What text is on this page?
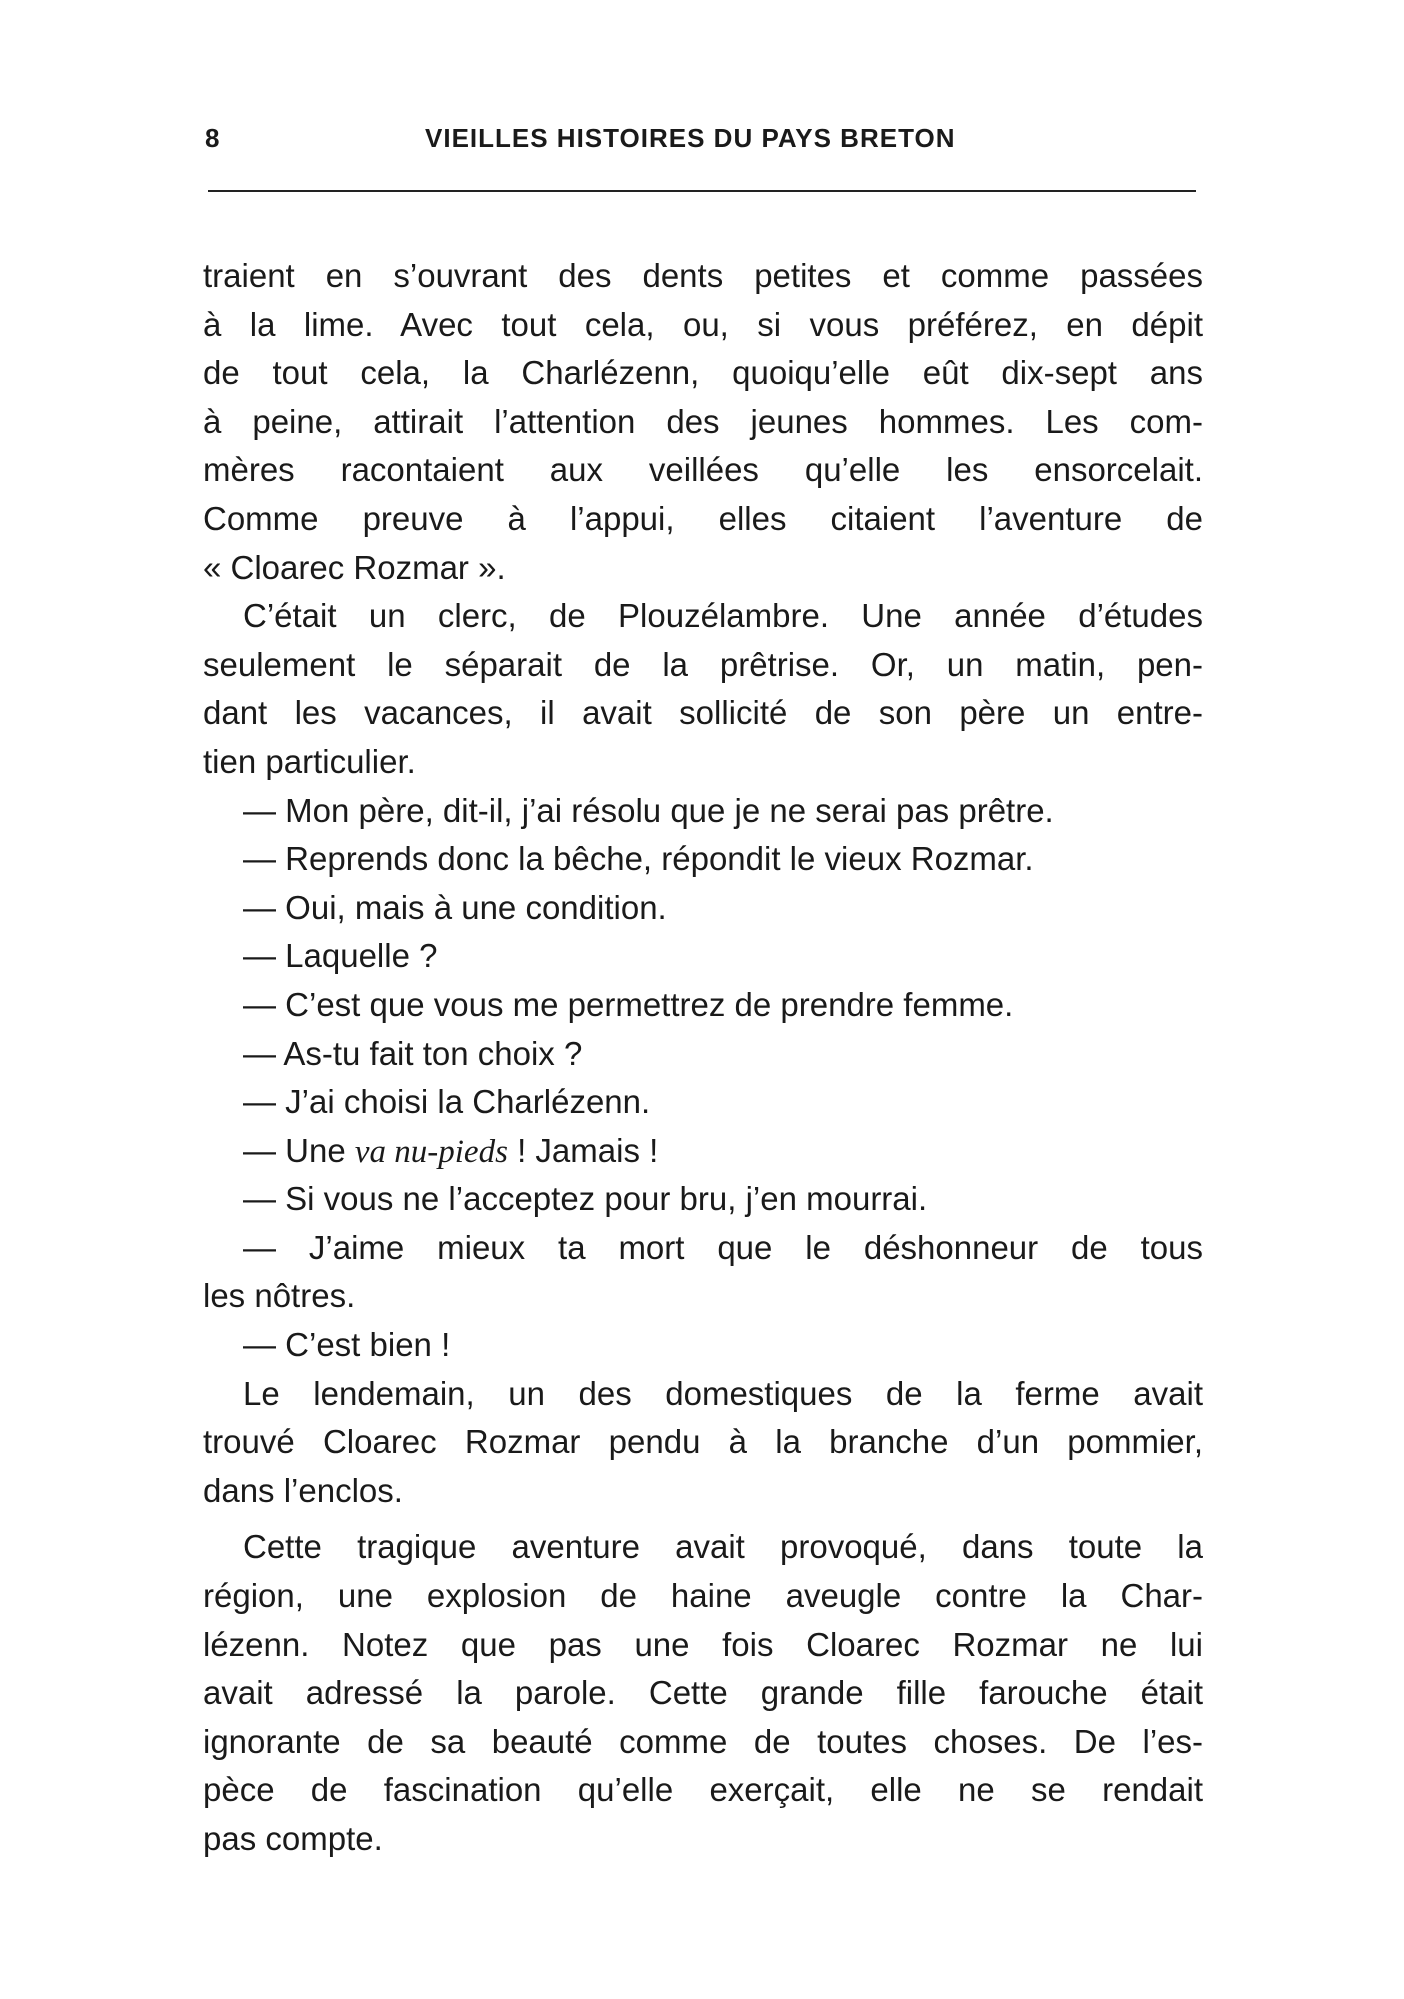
8	VIEILLES HISTOIRES DU PAYS BRETON
traient en s’ouvrant des dents petites et comme passées
à la lime. Avec tout cela, ou, si vous préférez, en dépit
de tout cela, la Charlézenn, quoiqu’elle eût dix-sept ans
à peine, attirait l’attention des jeunes hommes. Les com-
mères racontaient aux veillées qu’elle les ensorcelait.
Comme preuve à l’appui, elles citaient l’aventure de
« Cloarec Rozmar ».
C’était un clerc, de Plouzélambre. Une année d’études
seulement le séparait de la prêtrise. Or, un matin, pen-
dant les vacances, il avait sollicité de son père un entre-
tien particulier.
— Mon père, dit-il, j’ai résolu que je ne serai pas prêtre.
— Reprends donc la bêche, répondit le vieux Rozmar.
— Oui, mais à une condition.
— Laquelle ?
— C’est que vous me permettrez de prendre femme.
— As-tu fait ton choix ?
— J’ai choisi la Charlézenn.
— Une va nu-pieds ! Jamais !
— Si vous ne l’acceptez pour bru, j’en mourrai.
— J’aime mieux ta mort que le déshonneur de tous
les nôtres.
— C’est bien !
Le lendemain, un des domestiques de la ferme avait
trouvé Cloarec Rozmar pendu à la branche d’un pommier,
dans l’enclos.
Cette tragique aventure avait provoqué, dans toute la
région, une explosion de haine aveugle contre la Char-
lézenn. Notez que pas une fois Cloarec Rozmar ne lui
avait adressé la parole. Cette grande fille farouche était
ignorante de sa beauté comme de toutes choses. De l’es-
pèce de fascination qu’elle exerçait, elle ne se rendait
pas compte.
